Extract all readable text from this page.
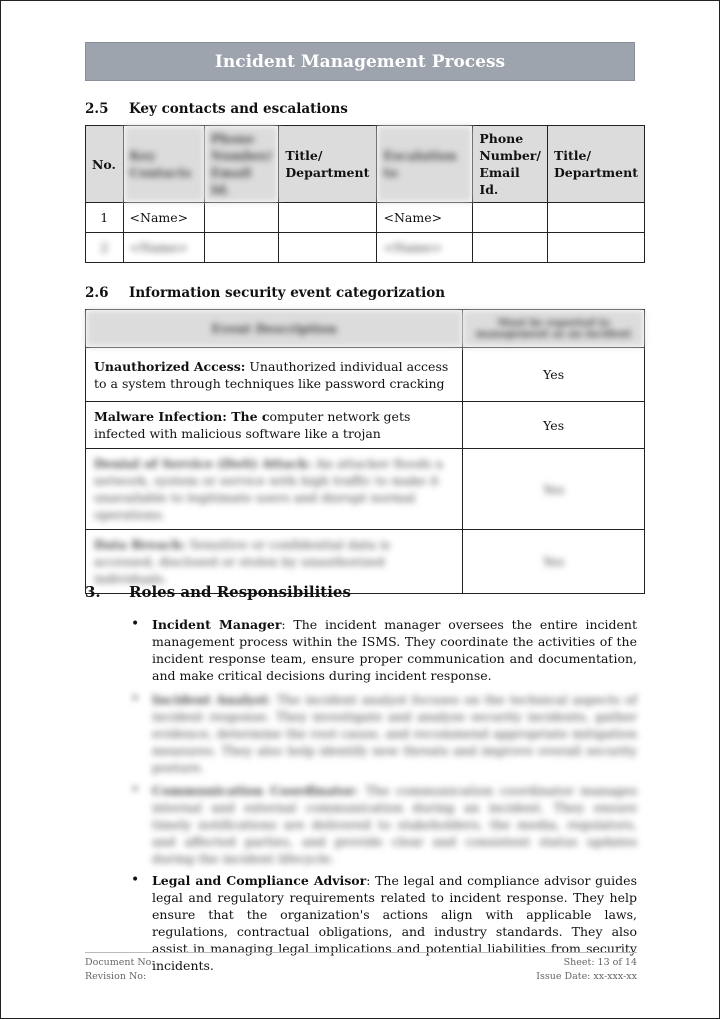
Incident Management Process
2.5 Key contacts and escalations
No.	Key Contacts	Phone Number/ Email Id.	Title/ Department	Escalation to	Phone Number/ Email Id.	Title/ Department
1	<Name>			<Name>		
2	<Name>			<Name>		
2.6 Information security event categorization
Event Description	Must be reported to management as an incident
Unauthorized Access: Unauthorized individual access to a system through techniques like password cracking	Yes
Malware Infection: The computer network gets infected with malicious software like a trojan	Yes
Denial of Service (DoS) Attack: An attacker floods a network, system or service with high traffic to make it unavailable to legitimate users and disrupt normal operations.	Yes
Data Breach: Sensitive or confidential data is accessed, disclosed or stolen by unauthorized individuals.	Yes
3. Roles and Responsibilities
• Incident Manager: The incident manager oversees the entire incident management process within the ISMS. They coordinate the activities of the incident response team, ensure proper communication and documentation, and make critical decisions during incident response.
• Incident Analyst: The incident analyst focuses on the technical aspects of incident response. They investigate and analyze security incidents, gather evidence, determine the root cause, and recommend appropriate mitigation measures. They also help identify new threats and improve overall security posture.
• Communication Coordinator: The communication coordinator manages internal and external communication during an incident. They ensure timely notifications are delivered to stakeholders, the media, regulators, and affected parties, and provide clear and consistent status updates during the incident lifecycle.
• Legal and Compliance Advisor: The legal and compliance advisor guides legal and regulatory requirements related to incident response. They help ensure that the organization's actions align with applicable laws, regulations, contractual obligations, and industry standards. They also assist in managing legal implications and potential liabilities from security incidents.
Document No:	Sheet: 13 of 14
Revision No:	Issue Date: xx-xxx-xx
